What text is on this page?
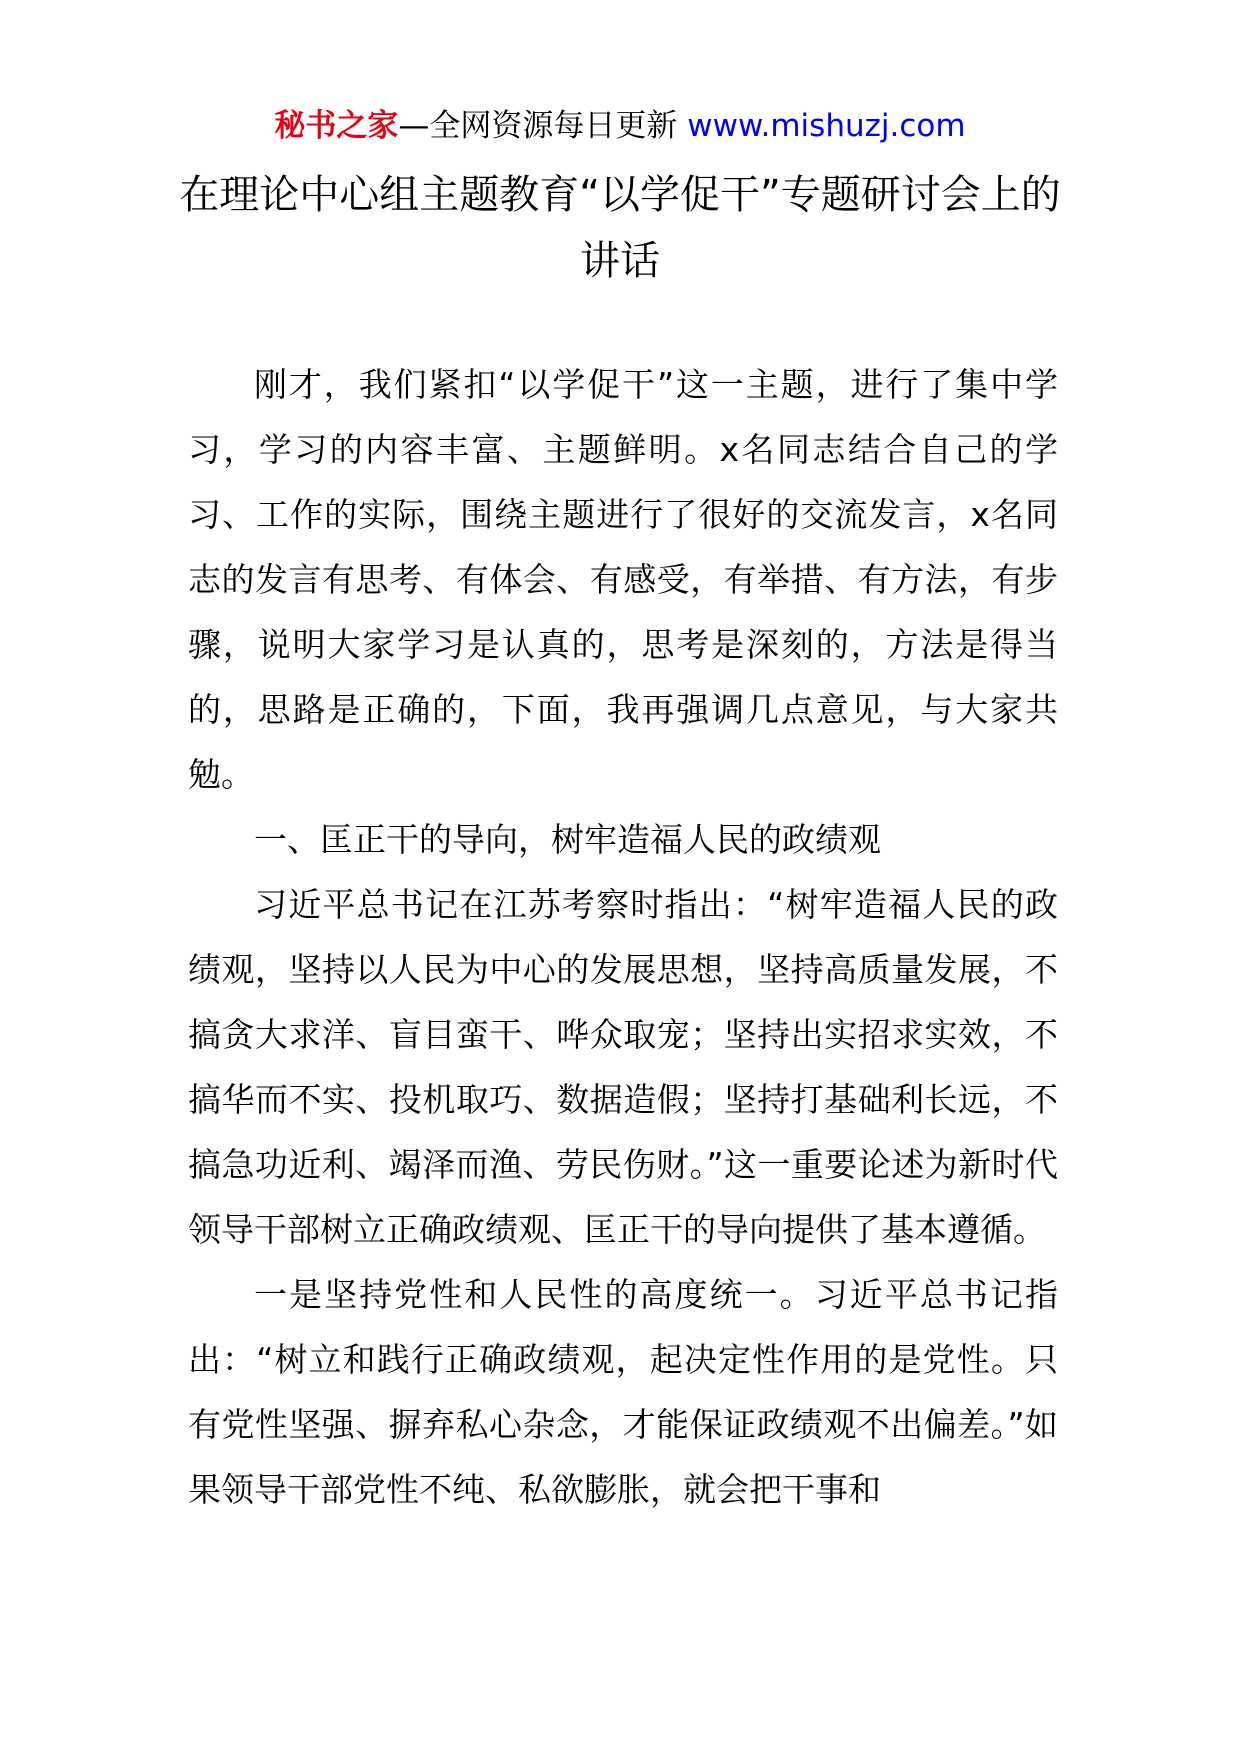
秘书之家—全网资源每日更新 www.mishuzj.com
在理论中心组主题教育“以学促干”专题研讨会上的讲话

刚才，我们紧扣“以学促干”这一主题，进行了集中学习，学习的内容丰富、主题鲜明。x名同志结合自己的学习、工作的实际，围绕主题进行了很好的交流发言，x名同志的发言有思考、有体会、有感受，有举措、有方法，有步骤，说明大家学习是认真的，思考是深刻的，方法是得当的，思路是正确的，下面，我再强调几点意见，与大家共勉。

一、匡正干的导向，树牢造福人民的政绩观

习近平总书记在江苏考察时指出：“树牢造福人民的政绩观，坚持以人民为中心的发展思想，坚持高质量发展，不搞贪大求洋、盲目蛮干、哗众取宠；坚持出实招求实效，不搞华而不实、投机取巧、数据造假；坚持打基础利长远，不搞急功近利、竭泽而渔、劳民伤财。”这一重要论述为新时代领导干部树立正确政绩观、匡正干的导向提供了基本遵循。

一是坚持党性和人民性的高度统一。习近平总书记指出：“树立和践行正确政绩观，起决定性作用的是党性。只有党性坚强、摒弃私心杂念，才能保证政绩观不出偏差。”如果领导干部党性不纯、私欲膨胀，就会把干事和
